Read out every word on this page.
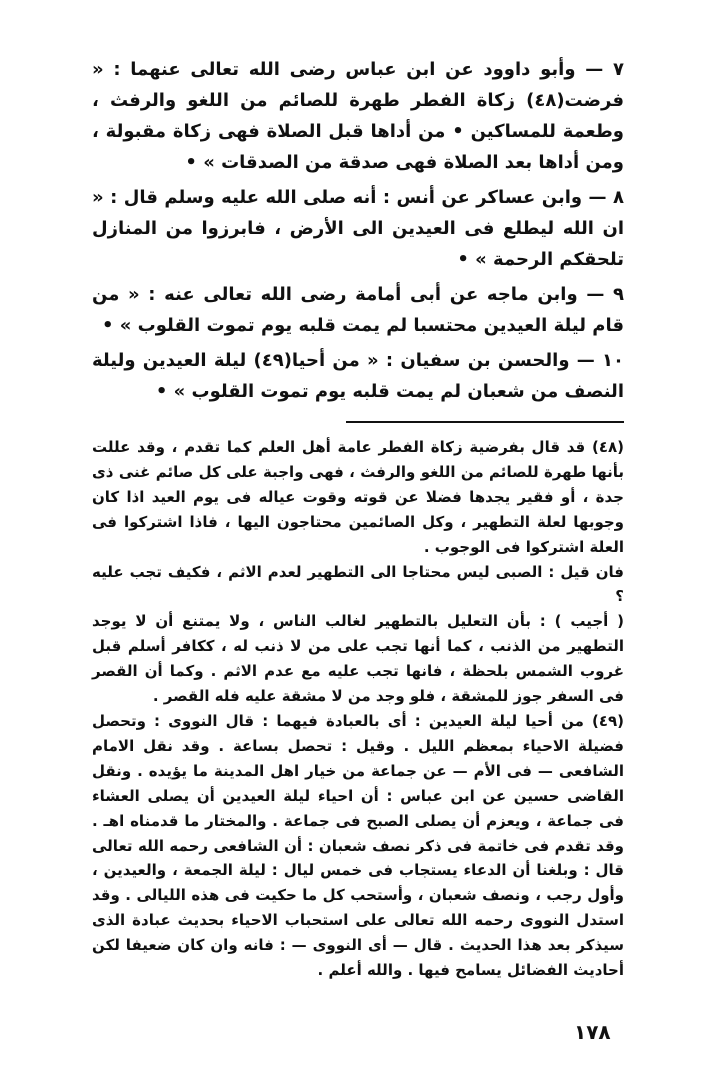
٧ — وأبو داوود عن ابن عباس رضى الله تعالى عنهما : « فرضت(٤٨) زكاة الفطر طهرة للصائم من اللغو والرفث ، وطعمة للمساكين • من أداها قبل الصلاة فهى زكاة مقبولة ، ومن أداها بعد الصلاة فهى صدقة من الصدقات » •

٨ — وابن عساكر عن أنس : أنه صلى الله عليه وسلم قال : « ان الله ليطلع فى العيدين الى الأرض ، فابرزوا من المنازل تلحقكم الرحمة » •

٩ — وابن ماجه عن أبى أمامة رضى الله تعالى عنه : « من قام ليلة العيدين محتسبا لم يمت قلبه يوم تموت القلوب » •

١٠ — والحسن بن سفيان : « من أحيا(٤٩) ليلة العيدين وليلة النصف من شعبان لم يمت قلبه يوم تموت القلوب » •

(٤٨) قد قال بفرضية زكاة الفطر عامة أهل العلم كما تقدم ، وقد عللت بأنها طهرة للصائم من اللغو والرفث ، فهى واجبة على كل صائم غنى ذى جدة ، أو فقير يجدها فضلا عن قوته وقوت عياله فى يوم العيد اذا كان وجوبها لعلة التطهير ، وكل الصائمين محتاجون اليها ، فاذا اشتركوا فى العلة اشتركوا فى الوجوب .

فان قيل : الصبى ليس محتاجا الى التطهير لعدم الاثم ، فكيف تجب عليه ؟

( أجيب ) : بأن التعليل بالتطهير لغالب الناس ، ولا يمتنع أن لا يوجد التطهير من الذنب ، كما أنها تجب على من لا ذنب له ، ككافر أسلم قبل غروب الشمس بلحظة ، فانها تجب عليه مع عدم الاثم . وكما أن القصر فى السفر جوز للمشقة ، فلو وجد من لا مشقة عليه فله القصر .

(٤٩) من أحيا ليلة العيدين : أى بالعبادة فيهما : قال النووى : وتحصل فضيلة الاحياء بمعظم الليل . وقيل : تحصل بساعة . وقد نقل الامام الشافعى — فى الأم — عن جماعة من خيار اهل المدينة ما يؤيده . ونقل القاضى حسين عن ابن عباس : أن احياء ليلة العيدين أن يصلى العشاء فى جماعة ، ويعزم أن يصلى الصبح فى جماعة . والمختار ما قدمناه اهـ . وقد تقدم فى خاتمة فى ذكر نصف شعبان : أن الشافعى رحمه الله تعالى قال : وبلغنا أن الدعاء يستجاب فى خمس ليال : ليلة الجمعة ، والعيدين ، وأول رجب ، ونصف شعبان ، وأستحب كل ما حكيت فى هذه الليالى . وقد استدل النووى رحمه الله تعالى على استحباب الاحياء بحديث عبادة الذى سيذكر بعد هذا الحديث . قال — أى النووى — : فانه وان كان ضعيفا لكن أحاديث الفضائل يسامح فيها . والله أعلم .

١٧٨
